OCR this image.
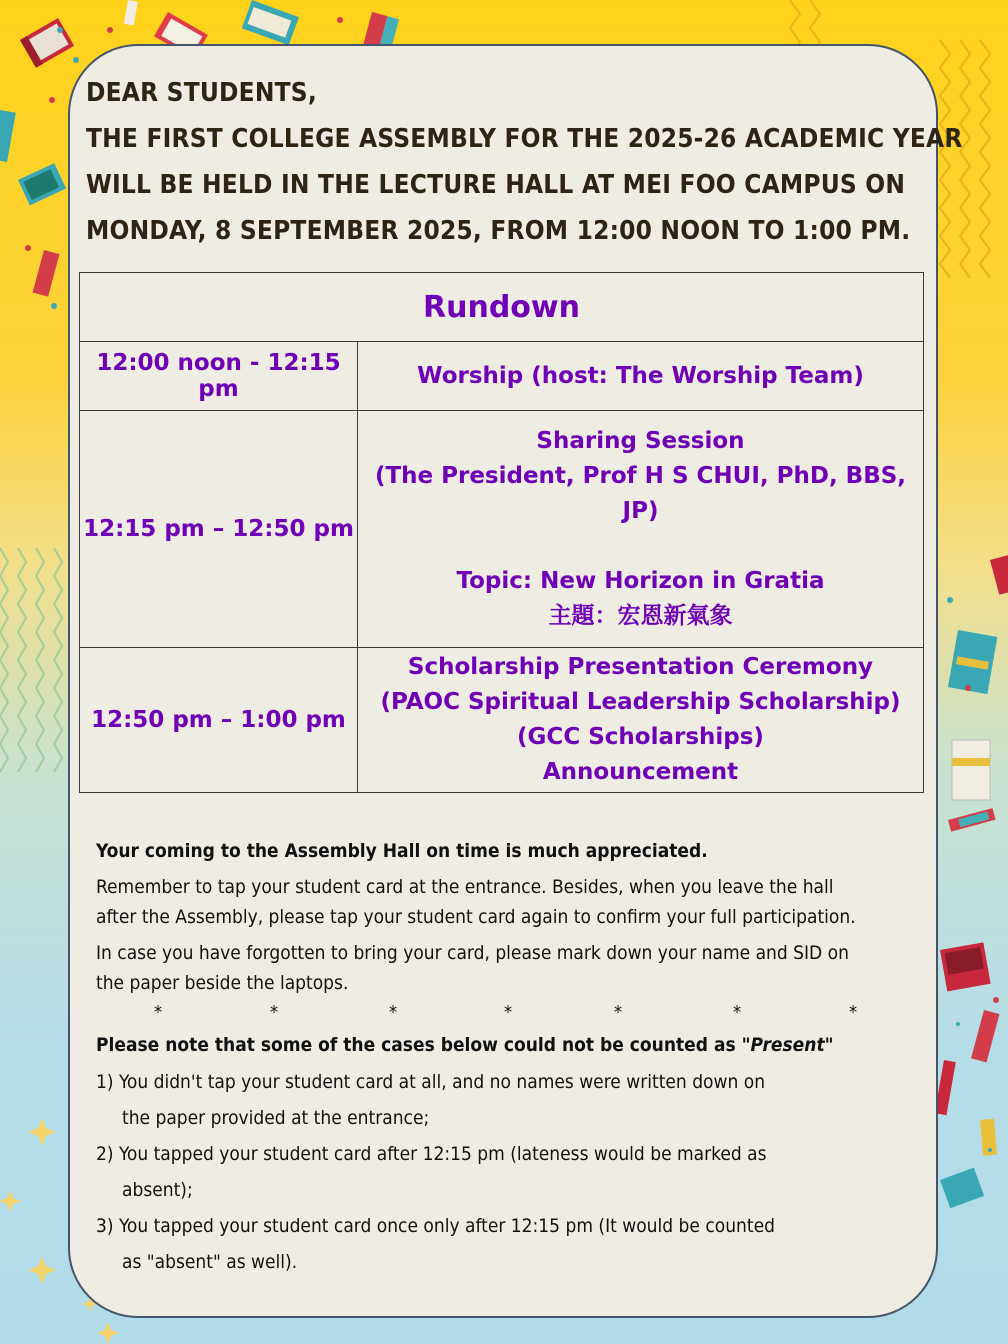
DEAR STUDENTS,
THE FIRST COLLEGE ASSEMBLY FOR THE 2025-26 ACADEMIC YEAR
WILL BE HELD IN THE LECTURE HALL AT MEI FOO CAMPUS ON
MONDAY, 8 SEPTEMBER 2025, FROM 12:00 NOON TO 1:00 PM.
Rundown	
12:00 noon - 12:15 pm	Worship (host: The Worship Team)

12:15 pm – 12:50 pm	Sharing Session
(The President, Prof H S CHUI, PhD, BBS, JP)
Topic: New Horizon in Gratia
主題：宏恩新氣象

12:50 pm – 1:00 pm	Scholarship Presentation Ceremony
(PAOC Spiritual Leadership Scholarship)
(GCC Scholarships)
Announcement
Your coming to the Assembly Hall on time is much appreciated.
Remember to tap your student card at the entrance. Besides, when you leave the hall
after the Assembly, please tap your student card again to confirm your full participation.
In case you have forgotten to bring your card, please mark down your name and SID on
the paper beside the laptops.
*	*	*	*	*	*	*
Please note that some of the cases below could not be counted as "Present"
1) You didn't tap your student card at all, and no names were written down on
the paper provided at the entrance;
2) You tapped your student card after 12:15 pm (lateness would be marked as
absent);
3) You tapped your student card once only after 12:15 pm (It would be counted
as "absent" as well).
